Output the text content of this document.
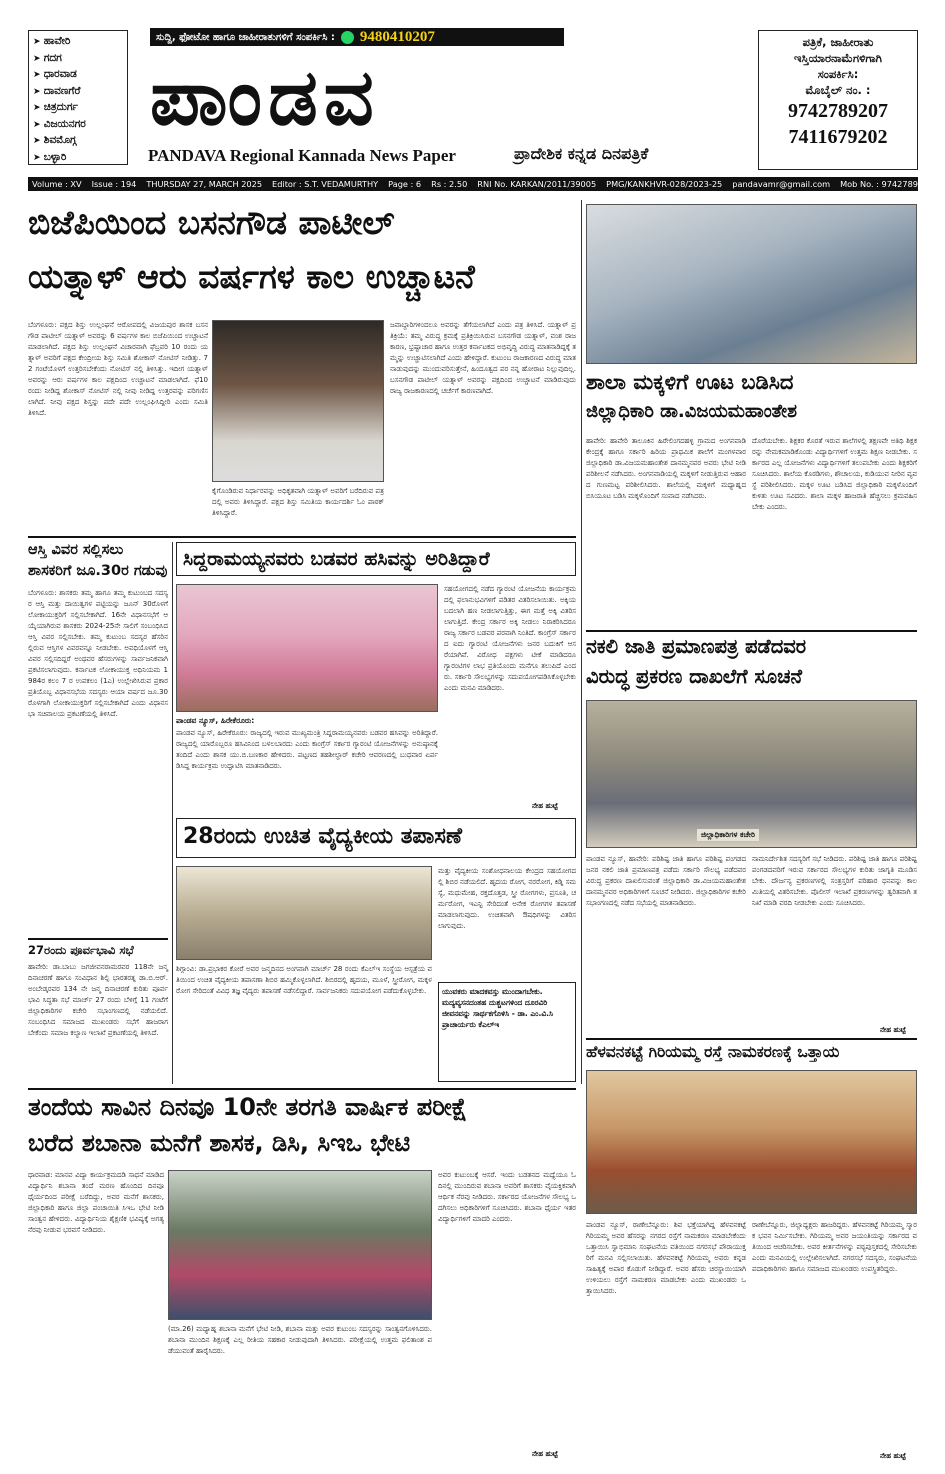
➤ ಹಾವೇರಿ
➤ ಗದಗ
➤ ಧಾರವಾಡ
➤ ದಾವಣಗೆರೆ
➤ ಚಿತ್ರದುರ್ಗ
➤ ವಿಜಯನಗರ
➤ ಶಿವಮೊಗ್ಗ
➤ ಬಳ್ಳಾರಿ
ಸುದ್ದಿ, ಫೋಟೋ ಹಾಗೂ ಜಾಹೀರಾತುಗಳಿಗೆ ಸಂಪರ್ಕಿಸಿ : 9480410207
ಪಾಂಡವ
PANDAVA Regional Kannada News Paper	ಪ್ರಾದೇಶಿಕ ಕನ್ನಡ ದಿನಪತ್ರಿಕೆ
ಪತ್ರಿಕೆ, ಜಾಹೀರಾತು
ಇಸ್ತಿಯಾರನಾಮೆಗಳಿಗಾಗಿ
ಸಂಪರ್ಕಿಸಿ:
ಮೊಬೈಲ್ ನಂ. :
9742789207
7411679202
Volume : XV Issue : 194 THURSDAY 27, MARCH 2025 Editor : S.T. VEDAMURTHY Page : 6 Rs : 2.50 RNI No. KARKAN/2011/39005 PMG/KANKHVR-028/2023-25 pandavamr@gmail.com Mob No. : 9742789207
ಬಿಜೆಪಿಯಿಂದ ಬಸನಗೌಡ ಪಾಟೀಲ್
ಯತ್ನಾಳ್ ಆರು ವರ್ಷಗಳ ಕಾಲ ಉಚ್ಚಾಟನೆ
ಬೆಂಗಳೂರು: ಪಕ್ಷದ ಶಿಸ್ತು ಉಲ್ಲಂಘನೆ ಆರೋಪದಲ್ಲಿ ವಿಜಯಪುರ ಶಾಸಕ ಬಸನಗೌಡ ಪಾಟೀಲ್ ಯತ್ನಾಳ್ ಅವರನ್ನು 6 ವರ್ಷಗಳ ಕಾಲ ಬಿಜೆಪಿಯಿಂದ ಉಚ್ಚಾಟನೆ ಮಾಡಲಾಗಿದೆ. ಪಕ್ಷದ ಶಿಸ್ತು ಉಲ್ಲಂಘನೆ ವಿಚಾರವಾಗಿ ಫೆಬ್ರವರಿ 10 ರಂದು ಯತ್ನಾಳ್ ಅವರಿಗೆ ಪಕ್ಷದ ಕೇಂದ್ರೀಯ ಶಿಸ್ತು ಸಮಿತಿ ಶೋಕಾಸ್ ನೋಟಿಸ್ ನೀಡಿತ್ತು. 72 ಗಂಟೆಯೊಳಗೆ ಉತ್ತರಿಸಬೇಕೆಂದು ನೋಟಿಸ್ ನಲ್ಲಿ ತಿಳಿಸಿತ್ತು. ಇದೀಗ ಯತ್ನಾಳ್ ಅವರನ್ನು ಆರು ವರ್ಷಗಳ ಕಾಲ ಪಕ್ಷದಿಂದ ಉಚ್ಚಾಟನೆ ಮಾಡಲಾಗಿದೆ. ಫೆ10 ರಂದು ನೀಡಿದ್ದ ಶೋಕಾಸ್ ನೋಟಿಸ್ ನಲ್ಲಿ ನೀವು ನೀಡಿದ್ದ ಉತ್ತರವನ್ನು ಪರಿಗಣಿಸಲಾಗಿದೆ. ನೀವು ಪಕ್ಷದ ಶಿಸ್ತನ್ನು ಪದೇ ಪದೇ ಉಲ್ಲಂಘಿಸಿದ್ದೀರಿ ಎಂದು ಸಮಿತಿ ತಿಳಿಸಿದೆ.
ಕೈಗೊಂಡಿರುವ ನಿರ್ಧಾರವನ್ನು ಅಧಿಕೃತವಾಗಿ ಯತ್ನಾಳ್ ಅವರಿಗೆ ಬರೆದಿರುವ ಪತ್ರದಲ್ಲಿ ಅವರು ತಿಳಿಸಿದ್ದಾರೆ. ಪಕ್ಷದ ಶಿಸ್ತು ಸಮಿತಿಯ ಕಾರ್ಯದರ್ಶಿ ಓಂ ಪಾಠಕ್ ತಿಳಿಸಿದ್ದಾರೆ.
ಜವಾಬ್ದಾರಿಗಳಿಂದಲೂ ಅವರನ್ನು ತೆಗೆಯಲಾಗಿದೆ ಎಂದು ಪತ್ರ ತಿಳಿಸಿದೆ. ಯತ್ನಾಳ್ ಪ್ರತಿಕ್ರಿಯೆ: ತಮ್ಮ ವಿರುದ್ಧ ಕ್ರಮಕ್ಕೆ ಪ್ರತಿಕ್ರಿಯಿಸಿರುವ ಬಸನಗೌಡ ಯತ್ನಾಳ್, ವಂಶ ರಾಜಕಾರಣ, ಭ್ರಷ್ಟಾಚಾರ ಹಾಗೂ ಉತ್ತರ ಕರ್ನಾಟಕದ ಅಭಿವೃದ್ಧಿ ವಿರುದ್ಧ ಮಾತನಾಡಿದ್ದಕ್ಕೆ ತಮ್ಮನ್ನು ಉಚ್ಚಾಟಿಸಲಾಗಿದೆ ಎಂದು ಹೇಳಿದ್ದಾರೆ. ಕುಟುಂಬ ರಾಜಕಾರಣದ ವಿರುದ್ಧ ಮಾತನಾಡುವುದನ್ನು ಮುಂದುವರಿಸುತ್ತೇನೆ, ಹಿಂದೂತ್ವದ ಪರ ನನ್ನ ಹೋರಾಟ ನಿಲ್ಲುವುದಿಲ್ಲ. ಬಸನಗೌಡ ಪಾಟೀಲ್ ಯತ್ನಾಳ್ ಅವರನ್ನು ಪಕ್ಷದಿಂದ ಉಚ್ಚಾಟನೆ ಮಾಡಿರುವುದು ರಾಜ್ಯ ರಾಜಕಾರಣದಲ್ಲಿ ಚರ್ಚೆಗೆ ಕಾರಣವಾಗಿದೆ.
ಆಸ್ತಿ ವಿವರ ಸಲ್ಲಿಸಲು
ಶಾಸಕರಿಗೆ ಜೂ.30ರ ಗಡುವು
ಬೆಂಗಳೂರು: ಶಾಸಕರು ತಮ್ಮ ಹಾಗೂ ತಮ್ಮ ಕುಟುಂಬದ ಸದಸ್ಯರ ಆಸ್ತಿ ಮತ್ತು ದಾಯಿತ್ವಗಳ ಪಟ್ಟಿಯನ್ನು ಜೂನ್ 30ರೊಳಗೆ ಲೋಕಾಯುಕ್ತರಿಗೆ ಸಲ್ಲಿಸಬೇಕಾಗಿದೆ. 16ನೇ ವಿಧಾನಸಭೆಗೆ ಆಯ್ಕೆಯಾಗಿರುವ ಶಾಸಕರು 2024-25ನೇ ಸಾಲಿಗೆ ಸಂಬಂಧಿಸಿದ ಆಸ್ತಿ ವಿವರ ಸಲ್ಲಿಸಬೇಕು. ತಮ್ಮ ಕುಟುಂಬ ಸದಸ್ಯರ ಹೆಸರಿನಲ್ಲಿರುವ ಆಸ್ತಿಗಳ ವಿವರವನ್ನೂ ನೀಡಬೇಕು. ಅವಧಿಯೊಳಗೆ ಆಸ್ತಿ ವಿವರ ಸಲ್ಲಿಸದಿದ್ದರೆ ಅಂಥವರ ಹೆಸರುಗಳನ್ನು ಸಾರ್ವಜನಿಕವಾಗಿ ಪ್ರಕಟಿಸಲಾಗುವುದು. ಕರ್ನಾಟಕ ಲೋಕಾಯುಕ್ತ ಅಧಿನಿಯಮ 1984ರ ಕಲಂ 7 ರ ಉಪಕಲಂ (1ಎ) ಉಲ್ಲೇಖಿಸಿರುವ ಪ್ರಕಾರ ಪ್ರತಿಯೊಬ್ಬ ವಿಧಾನಸಭೆಯ ಸದಸ್ಯರು ಆಯಾ ವರ್ಷದ ಜೂ.30ರೊಳಗಾಗಿ ಲೋಕಾಯುಕ್ತರಿಗೆ ಸಲ್ಲಿಸಬೇಕಾಗಿದೆ ಎಂದು ವಿಧಾನಸಭಾ ಸಚಿವಾಲಯ ಪ್ರಕಟಣೆಯಲ್ಲಿ ತಿಳಿಸಿದೆ.
27ರಂದು ಪೂರ್ವಭಾವಿ ಸಭೆ
ಹಾವೇರಿ: ಡಾ.ಬಾಬು ಜಗಜೀವನರಾಮರವರ 118ನೇ ಜನ್ಮದಿನಾಚರಣೆ ಹಾಗೂ ಸಂವಿಧಾನ ಶಿಲ್ಪಿ ಭಾರತರತ್ನ ಡಾ.ಬಿ.ಆರ್.ಅಂಬೇಡ್ಕರವರ 134 ನೇ ಜನ್ಮ ದಿನಾಚರಣೆ ಕುರಿತು ಪೂರ್ವಭಾವಿ ಸಿದ್ಧತಾ ಸಭೆ ಮಾರ್ಚ್ 27 ರಂದು ಬೆಳಿಗ್ಗೆ 11 ಗಂಟೆಗೆ ಜಿಲ್ಲಾಧಿಕಾರಿಗಳ ಕಚೇರಿ ಸಭಾಂಗಣದಲ್ಲಿ ನಡೆಯಲಿದೆ. ಸಂಬಂಧಿಸಿದ ಸಮಾಜದ ಮುಖಂಡರು ಸಭೆಗೆ ಹಾಜರಾಗಬೇಕೆಂದು ಸಮಾಜ ಕಲ್ಯಾಣ ಇಲಾಖೆ ಪ್ರಕಟಣೆಯಲ್ಲಿ ತಿಳಿಸಿದೆ.
ಸಿದ್ದರಾಮಯ್ಯನವರು ಬಡವರ ಹಸಿವನ್ನು ಅರಿತಿದ್ದಾರೆ
ಪಾಂಡವ ನ್ಯೂಸ್, ಹಿರೇಕೆರೂರು:
ಪಾಂಡವ ನ್ಯೂಸ್, ಹಿರೇಕೆರೂರು: ರಾಜ್ಯದಲ್ಲಿ ಇರುವ ಮುಖ್ಯಮಂತ್ರಿ ಸಿದ್ದರಾಮಯ್ಯನವರು ಬಡವರ ಹಸಿವನ್ನು ಅರಿತಿದ್ದಾರೆ. ರಾಜ್ಯದಲ್ಲಿ ಯಾರೊಬ್ಬರೂ ಹಸಿವಿನಿಂದ ಬಳಲಬಾರದು ಎಂದು ಕಾಂಗ್ರೆಸ್ ಸರ್ಕಾರ ಗ್ಯಾರಂಟಿ ಯೋಜನೆಗಳನ್ನು ಅನುಷ್ಠಾನಕ್ಕೆ ತಂದಿದೆ ಎಂದು ಶಾಸಕ ಯು.ಬಿ.ಬಣಕಾರ ಹೇಳಿದರು. ಪಟ್ಟಣದ ತಹಶೀಲ್ದಾರ್ ಕಚೇರಿ ಆವರಣದಲ್ಲಿ ಬುಧವಾರ ಏರ್ಪಡಿಸಿದ್ದ ಕಾರ್ಯಕ್ರಮ ಉದ್ಘಾಟಿಸಿ ಮಾತನಾಡಿದರು.
ಸಹಯೋಗದಲ್ಲಿ ನಡೆದ ಗ್ಯಾರಂಟಿ ಯೋಜನೆಯ ಕಾರ್ಯಕ್ರಮದಲ್ಲಿ ಫಲಾನುಭವಿಗಳಿಗೆ ಪಡಿತರ ವಿತರಿಸಲಾಯಿತು. ಅಕ್ಕಿಯ ಬದಲಾಗಿ ಹಣ ನೀಡಲಾಗುತ್ತಿತ್ತು, ಈಗ ಮತ್ತೆ ಅಕ್ಕಿ ವಿತರಿಸಲಾಗುತ್ತಿದೆ. ಕೇಂದ್ರ ಸರ್ಕಾರ ಅಕ್ಕಿ ನೀಡಲು ನಿರಾಕರಿಸಿದರೂ ರಾಜ್ಯ ಸರ್ಕಾರ ಬಡವರ ಪರವಾಗಿ ನಿಂತಿದೆ. ಕಾಂಗ್ರೆಸ್ ಸರ್ಕಾರದ ಐದು ಗ್ಯಾರಂಟಿ ಯೋಜನೆಗಳು ಜನರ ಬದುಕಿಗೆ ಆಸರೆಯಾಗಿವೆ. ವಿರೋಧ ಪಕ್ಷಗಳು ಟೀಕೆ ಮಾಡಿದರೂ ಗ್ಯಾರಂಟಿಗಳ ಲಾಭ ಪ್ರತಿಯೊಂದು ಮನೆಗೂ ತಲುಪಿದೆ ಎಂದರು. ಸರ್ಕಾರಿ ಸೌಲಭ್ಯಗಳನ್ನು ಸದುಪಯೋಗಪಡಿಸಿಕೊಳ್ಳಬೇಕು ಎಂದು ಮನವಿ ಮಾಡಿದರು.
ನೇಹ ಹುಟ್ಟೆ
28ರಂದು ಉಚಿತ ವೈದ್ಯಕೀಯ ತಪಾಸಣೆ
ಶಿಗ್ಗಾಂವಿ: ಡಾ.ಪ್ರಭಾಕರ ಕೋರೆ ಅವರ ಜನ್ಮದಿನದ ಅಂಗವಾಗಿ ಮಾರ್ಚ್ 28 ರಂದು ಕೆಎಲ್ಇ ಸಂಸ್ಥೆಯ ಆಸ್ಪತ್ರೆಯ ವತಿಯಿಂದ ಉಚಿತ ವೈದ್ಯಕೀಯ ತಪಾಸಣಾ ಶಿಬಿರ ಹಮ್ಮಿಕೊಳ್ಳಲಾಗಿದೆ. ಶಿಬಿರದಲ್ಲಿ ಹೃದಯ, ಮೂಳೆ, ಸ್ತ್ರೀರೋಗ, ಮಕ್ಕಳ ರೋಗ ಸೇರಿದಂತೆ ವಿವಿಧ ತಜ್ಞ ವೈದ್ಯರು ತಪಾಸಣೆ ನಡೆಸಲಿದ್ದಾರೆ. ಸಾರ್ವಜನಿಕರು ಸದುಪಯೋಗ ಪಡೆದುಕೊಳ್ಳಬೇಕು.
ಮತ್ತು ವೈದ್ಯಕೀಯ ಸಂಶೋಧನಾಲಯ ಕೇಂದ್ರದ ಸಹಯೋಗದಲ್ಲಿ ಶಿಬಿರ ನಡೆಯಲಿದೆ. ಹೃದಯ ರೋಗ, ನರರೋಗ, ಕಿಡ್ನಿ ಸಮಸ್ಯೆ, ಮಧುಮೇಹ, ರಕ್ತದೊತ್ತಡ, ಸ್ತ್ರೀ ರೋಗಗಳು, ಪ್ರಸೂತಿ, ಚರ್ಮರೋಗ, ಇಎನ್ಟಿ ಸೇರಿದಂತೆ ಅನೇಕ ರೋಗಗಳ ತಪಾಸಣೆ ಮಾಡಲಾಗುವುದು. ಉಚಿತವಾಗಿ ಔಷಧಿಗಳನ್ನು ವಿತರಿಸಲಾಗುವುದು.
ಯುವಕರು ಮಾದಕವಸ್ತು ಮುಂದಾಗಬೇಕು. ಮದ್ಯವ್ಯಸನದಂತಹ ದುಶ್ಚಟಗಳಿಂದ ದೂರವಿರಿ ಜೀವನವನ್ನು ಸಾರ್ಥಕಗೊಳಿಸಿ - ಡಾ. ಎಂ.ವಿ.ಸಿ ಪ್ರಾಚಾರ್ಯರು ಕೆಎಲ್ಇ
ಶಾಲಾ ಮಕ್ಕಳಿಗೆ ಊಟ ಬಡಿಸಿದ
ಜಿಲ್ಲಾಧಿಕಾರಿ ಡಾ.ವಿಜಯಮಹಾಂತೇಶ
ಹಾವೇರಿ: ಹಾವೇರಿ ತಾಲೂಕಿನ ಹಿರೇಲಿಂಗದಹಳ್ಳಿ ಗ್ರಾಮದ ಅಂಗನವಾಡಿ ಕೇಂದ್ರಕ್ಕೆ ಹಾಗೂ ಸರ್ಕಾರಿ ಹಿರಿಯ ಪ್ರಾಥಮಿಕ ಶಾಲೆಗೆ ಮಂಗಳವಾರ ಜಿಲ್ಲಾಧಿಕಾರಿ ಡಾ.ವಿಜಯಮಹಾಂತೇಶ ದಾನಮ್ಮನವರ ಅವರು ಭೇಟಿ ನೀಡಿ ಪರಿಶೀಲನೆ ನಡೆಸಿದರು. ಅಂಗನವಾಡಿಯಲ್ಲಿ ಮಕ್ಕಳಿಗೆ ನೀಡುತ್ತಿರುವ ಆಹಾರದ ಗುಣಮಟ್ಟ ಪರಿಶೀಲಿಸಿದರು. ಶಾಲೆಯಲ್ಲಿ ಮಕ್ಕಳಿಗೆ ಮಧ್ಯಾಹ್ನದ ಬಿಸಿಯೂಟ ಬಡಿಸಿ ಮಕ್ಕಳೊಂದಿಗೆ ಸಂವಾದ ನಡೆಸಿದರು.
ದೊರೆಯಬೇಕು. ಶಿಕ್ಷಕರ ಕೊರತೆ ಇರುವ ಶಾಲೆಗಳಲ್ಲಿ ತಕ್ಷಣವೇ ಅತಿಥಿ ಶಿಕ್ಷಕರನ್ನು ನೇಮಕಮಾಡಿಕೊಂಡು ವಿದ್ಯಾರ್ಥಿಗಳಿಗೆ ಉತ್ತಮ ಶಿಕ್ಷಣ ನೀಡಬೇಕು. ಸರ್ಕಾರದ ಎಲ್ಲ ಯೋಜನೆಗಳು ವಿದ್ಯಾರ್ಥಿಗಳಿಗೆ ತಲುಪಬೇಕು ಎಂದು ಶಿಕ್ಷಕರಿಗೆ ಸೂಚಿಸಿದರು. ಶಾಲೆಯ ಕೊಠಡಿಗಳು, ಶೌಚಾಲಯ, ಕುಡಿಯುವ ನೀರಿನ ವ್ಯವಸ್ಥೆ ಪರಿಶೀಲಿಸಿದರು. ಮಕ್ಕಳ ಊಟ ಬಡಿಸಿದ ಜಿಲ್ಲಾಧಿಕಾರಿ ಮಕ್ಕಳೊಂದಿಗೆ ಕುಳಿತು ಊಟ ಸವಿದರು. ಶಾಲಾ ಮಕ್ಕಳ ಹಾಜರಾತಿ ಹೆಚ್ಚಿಸಲು ಕ್ರಮವಹಿಸಬೇಕು ಎಂದರು.
ನಕಲಿ ಜಾತಿ ಪ್ರಮಾಣಪತ್ರ ಪಡೆದವರ
ವಿರುದ್ಧ ಪ್ರಕರಣ ದಾಖಲೆಗೆ ಸೂಚನೆ
ಜಿಲ್ಲಾಧಿಕಾರಿಗಳ ಕಚೇರಿ
ಪಾಂಡವ ನ್ಯೂಸ್, ಹಾವೇರಿ: ಪರಿಶಿಷ್ಟ ಜಾತಿ ಹಾಗೂ ಪರಿಶಿಷ್ಟ ಪಂಗಡದ ಜನರ ನಕಲಿ ಜಾತಿ ಪ್ರಮಾಣಪತ್ರ ಪಡೆದು ಸರ್ಕಾರಿ ಸೌಲಭ್ಯ ಪಡೆದವರ ವಿರುದ್ಧ ಪ್ರಕರಣ ದಾಖಲಿಸುವಂತೆ ಜಿಲ್ಲಾಧಿಕಾರಿ ಡಾ.ವಿಜಯಮಹಾಂತೇಶ ದಾನಮ್ಮನವರ ಅಧಿಕಾರಿಗಳಿಗೆ ಸೂಚನೆ ನೀಡಿದರು. ಜಿಲ್ಲಾಧಿಕಾರಿಗಳ ಕಚೇರಿ ಸಭಾಂಗಣದಲ್ಲಿ ನಡೆದ ಸಭೆಯಲ್ಲಿ ಮಾತನಾಡಿದರು.
ನಾಮನಿರ್ದೇಶಿತ ಸದಸ್ಯರಿಗೆ ಸಭೆ ನೀಡಿದರು. ಪರಿಶಿಷ್ಟ ಜಾತಿ ಹಾಗೂ ಪರಿಶಿಷ್ಟ ಪಂಗಡದವರಿಗೆ ಇರುವ ಸರ್ಕಾರದ ಸೌಲಭ್ಯಗಳ ಕುರಿತು ಜಾಗೃತಿ ಮೂಡಿಸಬೇಕು. ದೌರ್ಜನ್ಯ ಪ್ರಕರಣಗಳಲ್ಲಿ ಸಂತ್ರಸ್ತರಿಗೆ ಪರಿಹಾರ ಧನವನ್ನು ಕಾಲಮಿತಿಯಲ್ಲಿ ವಿತರಿಸಬೇಕು. ಪೊಲೀಸ್ ಇಲಾಖೆ ಪ್ರಕರಣಗಳನ್ನು ತ್ವರಿತವಾಗಿ ತನಿಖೆ ಮಾಡಿ ವರದಿ ನೀಡಬೇಕು ಎಂದು ಸೂಚಿಸಿದರು.
ನೇಹ ಹುಟ್ಟೆ
ಹೆಳವನಕಟ್ಟೆ ಗಿರಿಯಮ್ಮ ರಸ್ತೆ ನಾಮಕರಣಕ್ಕೆ ಒತ್ತಾಯ
ಪಾಂಡವ ನ್ಯೂಸ್, ರಾಣೇಬೆನ್ನೂರು: ಶಿವ ಭಕ್ತೆಯಾಗಿದ್ದ ಹೆಳವನಕಟ್ಟೆ ಗಿರಿಯಮ್ಮ ಅವರ ಹೆಸರನ್ನು ನಗರದ ರಸ್ತೆಗೆ ನಾಮಕರಣ ಮಾಡಬೇಕೆಂದು ಒತ್ತಾಯಿಸಿ ಸ್ವಾಭಿಮಾನಿ ಸಂಘಟನೆಯ ವತಿಯಿಂದ ನಗರಸಭೆ ಪೌರಾಯುಕ್ತರಿಗೆ ಮನವಿ ಸಲ್ಲಿಸಲಾಯಿತು. ಹೆಳವನಕಟ್ಟೆ ಗಿರಿಯಮ್ಮ ಅವರು ಕನ್ನಡ ಸಾಹಿತ್ಯಕ್ಕೆ ಅಪಾರ ಕೊಡುಗೆ ನೀಡಿದ್ದಾರೆ. ಅವರ ಹೆಸರು ಚಿರಸ್ಥಾಯಿಯಾಗಿ ಉಳಿಯಲು ರಸ್ತೆಗೆ ನಾಮಕರಣ ಮಾಡಬೇಕು ಎಂದು ಮುಖಂಡರು ಒತ್ತಾಯಿಸಿದರು.
ರಾಣೇಬೆನ್ನೂರು, ಜಿಲ್ಲಾಧ್ಯಕ್ಷರು ಹಾಜರಿದ್ದರು. ಹೆಳವನಕಟ್ಟೆ ಗಿರಿಯಮ್ಮ ಸ್ಮಾರಕ ಭವನ ನಿರ್ಮಿಸಬೇಕು. ಗಿರಿಯಮ್ಮ ಅವರ ಜಯಂತಿಯನ್ನು ಸರ್ಕಾರದ ವತಿಯಿಂದ ಆಚರಿಸಬೇಕು. ಅವರ ಕೀರ್ತನೆಗಳನ್ನು ಪಠ್ಯಪುಸ್ತಕದಲ್ಲಿ ಸೇರಿಸಬೇಕು ಎಂದು ಮನವಿಯಲ್ಲಿ ಉಲ್ಲೇಖಿಸಲಾಗಿದೆ. ನಗರಸಭೆ ಸದಸ್ಯರು, ಸಂಘಟನೆಯ ಪದಾಧಿಕಾರಿಗಳು ಹಾಗೂ ಸಮಾಜದ ಮುಖಂಡರು ಉಪಸ್ಥಿತರಿದ್ದರು.
ನೇಹ ಹುಟ್ಟೆ
ತಂದೆಯ ಸಾವಿನ ದಿನವೂ 10ನೇ ತರಗತಿ ವಾರ್ಷಿಕ ಪರೀಕ್ಷೆ
ಬರೆದ ಶಬಾನಾ ಮನೆಗೆ ಶಾಸಕ, ಡಿಸಿ, ಸಿಇಒ ಭೇಟಿ
ಧಾರವಾಡ: ಮಾನವ ವಿದ್ಯಾ ಕಾರ್ಯಕ್ರಮದಡಿ ಸಾಧನೆ ಮಾಡಿದ ವಿದ್ಯಾರ್ಥಿನಿ ಶಬಾನಾ ತಂದೆ ಮರಣ ಹೊಂದಿದ ದಿನವೂ ಧೈರ್ಯದಿಂದ ಪರೀಕ್ಷೆ ಬರೆದಿದ್ದು, ಅವರ ಮನೆಗೆ ಶಾಸಕರು, ಜಿಲ್ಲಾಧಿಕಾರಿ ಹಾಗೂ ಜಿಲ್ಲಾ ಪಂಚಾಯಿತಿ ಸಿಇಒ ಭೇಟಿ ನೀಡಿ ಸಾಂತ್ವನ ಹೇಳಿದರು. ವಿದ್ಯಾರ್ಥಿನಿಯ ಶೈಕ್ಷಣಿಕ ಭವಿಷ್ಯಕ್ಕೆ ಅಗತ್ಯ ನೆರವು ನೀಡುವ ಭರವಸೆ ನೀಡಿದರು.
(ಮಾ.26) ಮಧ್ಯಾಹ್ನ ಶಬಾನಾ ಮನೆಗೆ ಭೇಟಿ ನೀಡಿ, ಶಬಾನಾ ಮತ್ತು ಅವರ ಕುಟುಂಬ ಸದಸ್ಯರನ್ನು ಸಾಂತ್ವನಗೊಳಿಸಿದರು. ಶಬಾನಾ ಮುಂದಿನ ಶಿಕ್ಷಣಕ್ಕೆ ಎಲ್ಲ ರೀತಿಯ ಸಹಕಾರ ನೀಡುವುದಾಗಿ ತಿಳಿಸಿದರು. ಪರೀಕ್ಷೆಯಲ್ಲಿ ಉತ್ತಮ ಫಲಿತಾಂಶ ಪಡೆಯುವಂತೆ ಹಾರೈಸಿದರು.
ಅವರ ಕುಟುಂಬಕ್ಕೆ ಆಸರೆ. ಇಂದು ಬಡತನದ ಮಧ್ಯೆಯೂ ಓದಿನಲ್ಲಿ ಮುಂದಿರುವ ಶಬಾನಾ ಅವರಿಗೆ ಶಾಸಕರು ವೈಯಕ್ತಿಕವಾಗಿ ಆರ್ಥಿಕ ನೆರವು ನೀಡಿದರು. ಸರ್ಕಾರದ ಯೋಜನೆಗಳ ಸೌಲಭ್ಯ ಒದಗಿಸಲು ಅಧಿಕಾರಿಗಳಿಗೆ ಸೂಚಿಸಿದರು. ಶಬಾನಾ ಧೈರ್ಯ ಇತರ ವಿದ್ಯಾರ್ಥಿಗಳಿಗೆ ಮಾದರಿ ಎಂದರು.
ನೇಹ ಹುಟ್ಟೆ
